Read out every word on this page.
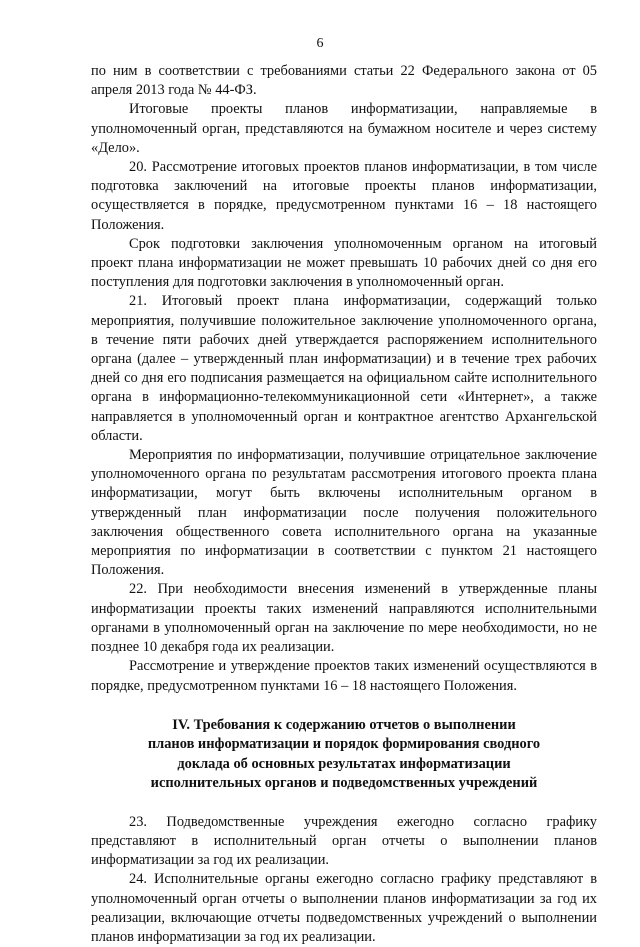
6

по ним в соответствии с требованиями статьи 22 Федерального закона от 05 апреля 2013 года № 44-ФЗ.

Итоговые проекты планов информатизации, направляемые в уполномоченный орган, представляются на бумажном носителе и через систему «Дело».

20. Рассмотрение итоговых проектов планов информатизации, в том числе подготовка заключений на итоговые проекты планов информатизации, осуществляется в порядке, предусмотренном пунктами 16 – 18 настоящего Положения.

Срок подготовки заключения уполномоченным органом на итоговый проект плана информатизации не может превышать 10 рабочих дней со дня его поступления для подготовки заключения в уполномоченный орган.

21. Итоговый проект плана информатизации, содержащий только мероприятия, получившие положительное заключение уполномоченного органа, в течение пяти рабочих дней утверждается распоряжением исполнительного органа (далее – утвержденный план информатизации) и в течение трех рабочих дней со дня его подписания размещается на официальном сайте исполнительного органа в информационно-телекоммуникационной сети «Интернет», а также направляется в уполномоченный орган и контрактное агентство Архангельской области.

Мероприятия по информатизации, получившие отрицательное заключение уполномоченного органа по результатам рассмотрения итогового проекта плана информатизации, могут быть включены исполнительным органом в утвержденный план информатизации после получения положительного заключения общественного совета исполнительного органа на указанные мероприятия по информатизации в соответствии с пунктом 21 настоящего Положения.

22. При необходимости внесения изменений в утвержденные планы информатизации проекты таких изменений направляются исполнительными органами в уполномоченный орган на заключение по мере необходимости, но не позднее 10 декабря года их реализации.

Рассмотрение и утверждение проектов таких изменений осуществляются в порядке, предусмотренном пунктами 16 – 18 настоящего Положения.

IV. Требования к содержанию отчетов о выполнении
планов информатизации и порядок формирования сводного
доклада об основных результатах информатизации
исполнительных органов и подведомственных учреждений

23. Подведомственные учреждения ежегодно согласно графику представляют в исполнительный орган отчеты о выполнении планов информатизации за год их реализации.

24. Исполнительные органы ежегодно согласно графику представляют в уполномоченный орган отчеты о выполнении планов информатизации за год их реализации, включающие отчеты подведомственных учреждений о выполнении планов информатизации за год их реализации.
